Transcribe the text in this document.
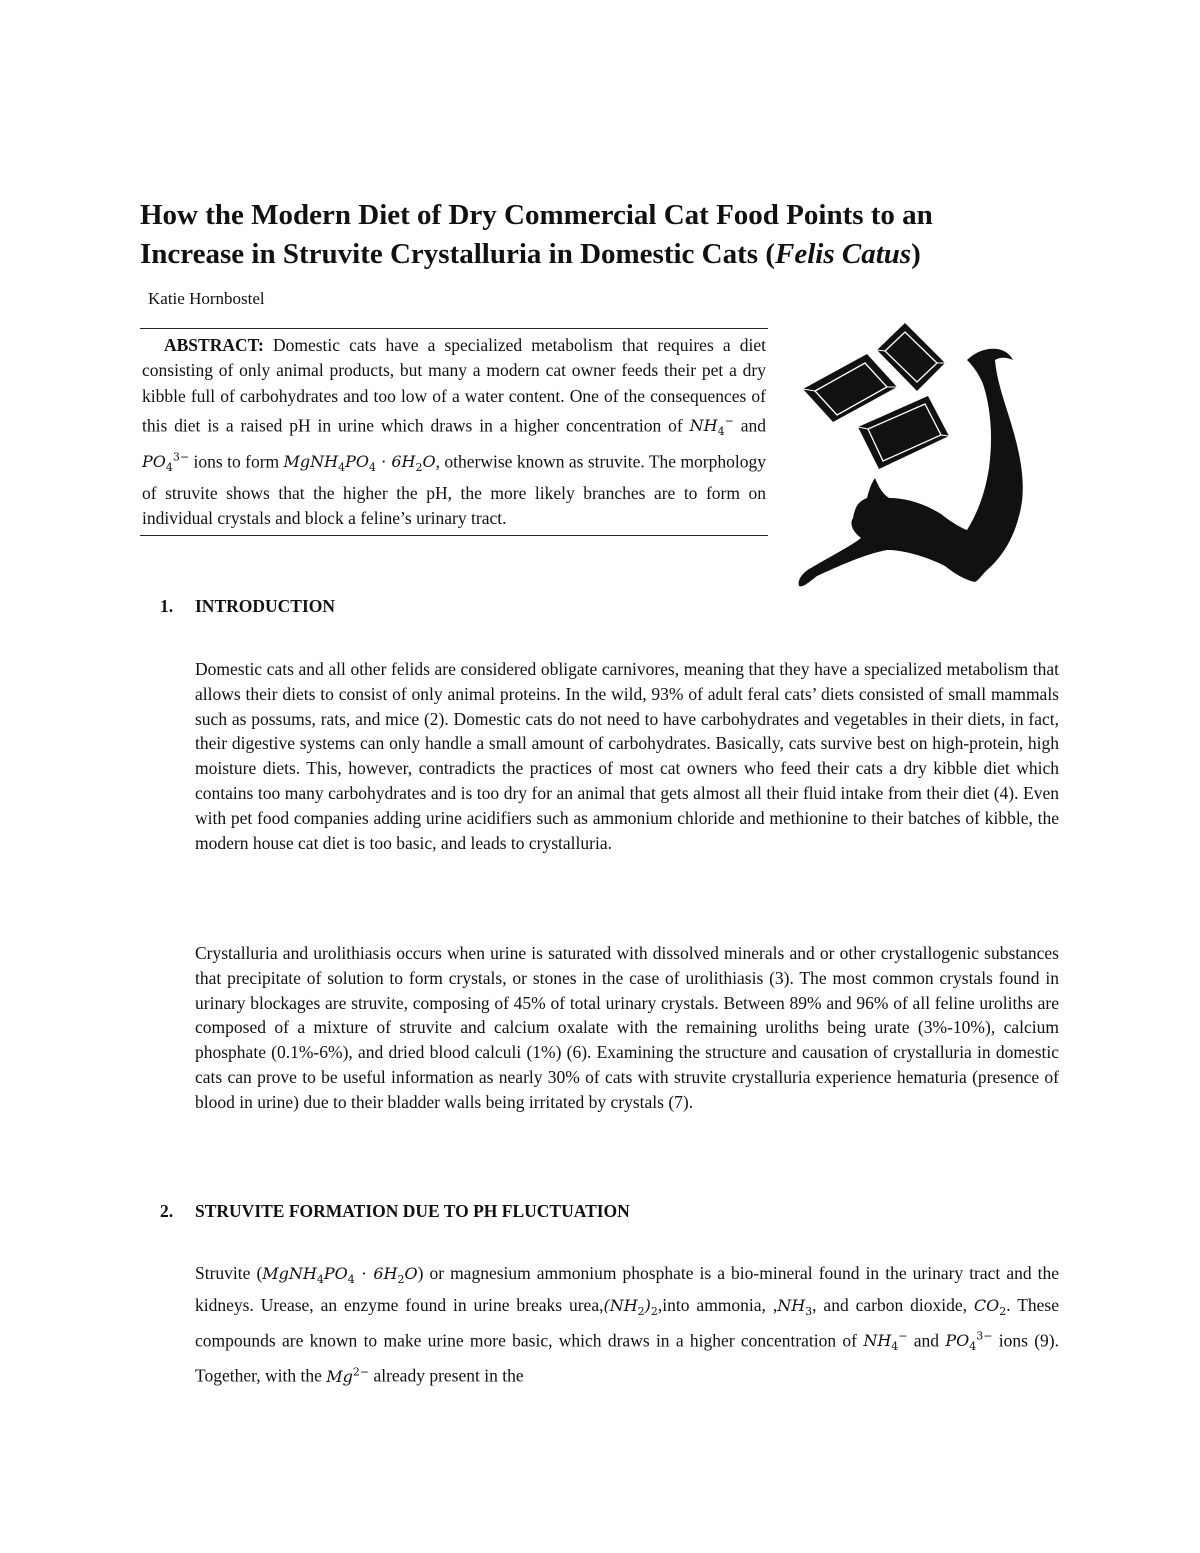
How the Modern Diet of Dry Commercial Cat Food Points to an
Increase in Struvite Crystalluria in Domestic Cats (Felis Catus)

Katie Hornbostel

ABSTRACT: Domestic cats have a specialized metabolism that requires a diet consisting of only animal products, but many a modern cat owner feeds their pet a dry kibble full of carbohydrates and too low of a water content. One of the consequences of this diet is a raised pH in urine which draws in a higher concentration of $NH_4^-$ and $PO_4^{3-}$ ions to form $MgNH_4PO_4 \cdot 6H_2O$, otherwise known as struvite. The morphology of struvite shows that the higher the pH, the more likely branches are to form on individual crystals and block a feline’s urinary tract.

1. INTRODUCTION

Domestic cats and all other felids are considered obligate carnivores, meaning that they have a specialized metabolism that allows their diets to consist of only animal proteins. In the wild, 93% of adult feral cats’ diets consisted of small mammals such as possums, rats, and mice (2). Domestic cats do not need to have carbohydrates and vegetables in their diets, in fact, their digestive systems can only handle a small amount of carbohydrates. Basically, cats survive best on high-protein, high moisture diets. This, however, contradicts the practices of most cat owners who feed their cats a dry kibble diet which contains too many carbohydrates and is too dry for an animal that gets almost all their fluid intake from their diet (4). Even with pet food companies adding urine acidifiers such as ammonium chloride and methionine to their batches of kibble, the modern house cat diet is too basic, and leads to crystalluria.

Crystalluria and urolithiasis occurs when urine is saturated with dissolved minerals and or other crystallogenic substances that precipitate of solution to form crystals, or stones in the case of urolithiasis (3). The most common crystals found in urinary blockages are struvite, composing of 45% of total urinary crystals. Between 89% and 96% of all feline uroliths are composed of a mixture of struvite and calcium oxalate with the remaining uroliths being urate (3%-10%), calcium phosphate (0.1%-6%), and dried blood calculi (1%) (6). Examining the structure and causation of crystalluria in domestic cats can prove to be useful information as nearly 30% of cats with struvite crystalluria experience hematuria (presence of blood in urine) due to their bladder walls being irritated by crystals (7).

2. STRUVITE FORMATION DUE TO PH FLUCTUATION

Struvite $(MgNH_4PO_4 \cdot 6H_2O)$ or magnesium ammonium phosphate is a bio-mineral found in the urinary tract and the kidneys. Urease, an enzyme found in urine breaks $urea,(NH_2)_2,into$ ammonia, $,NH_3$, and carbon dioxide, $CO_2$. These compounds are known to make urine more basic, which draws in a higher concentration of $NH_4^-$ and $PO_4^{3-}$ ions (9). Together, with the $Mg^{2-}$ already present in the
